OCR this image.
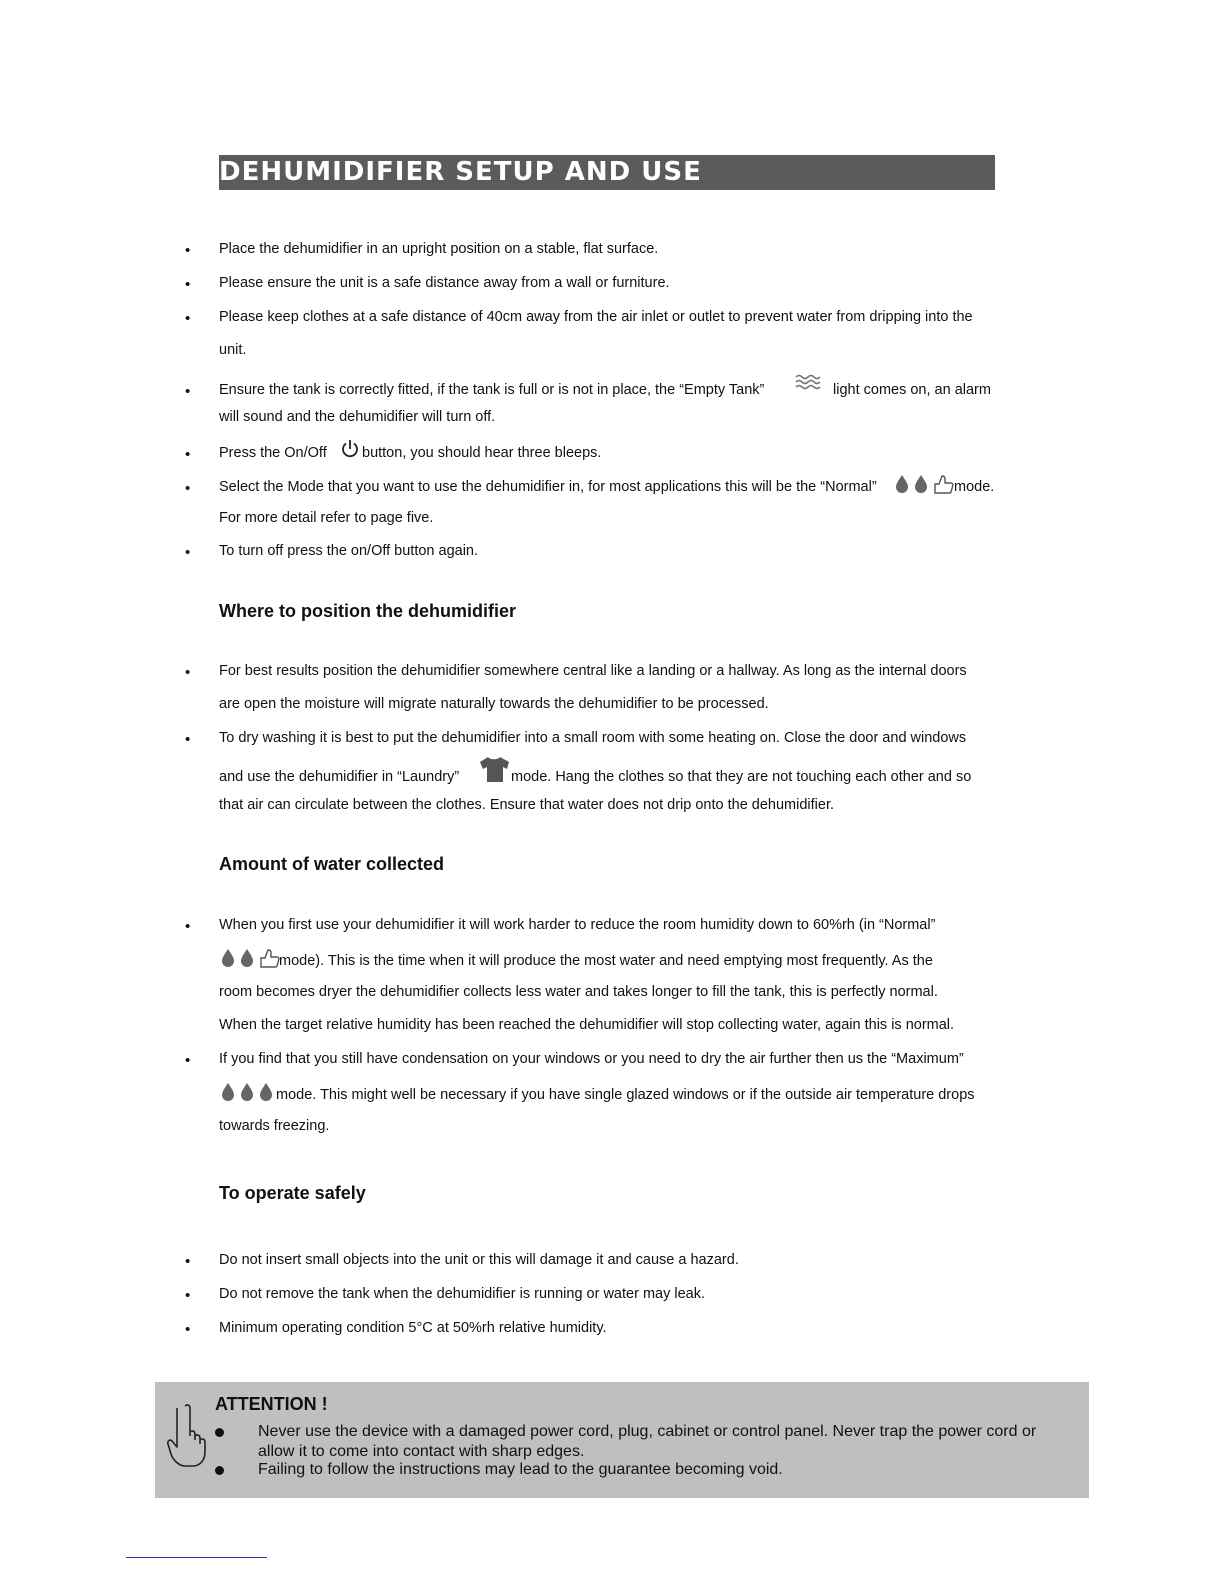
DEHUMIDIFIER SETUP AND USE
• Place the dehumidifier in an upright position on a stable, flat surface.
• Please ensure the unit is a safe distance away from a wall or furniture.
• Please keep clothes at a safe distance of 40cm away from the air inlet or outlet to prevent water from dripping into the
unit.
• Ensure the tank is correctly fitted, if the tank is full or is not in place, the “Empty Tank”	light comes on, an alarm
will sound and the dehumidifier will turn off.
• Press the On/Off button, you should hear three bleeps.
• Select the Mode that you want to use the dehumidifier in, for most applications this will be the “Normal”	mode.
For more detail refer to page five.
• To turn off press the on/Off button again.
Where to position the dehumidifier
• For best results position the dehumidifier somewhere central like a landing or a hallway. As long as the internal doors
are open the moisture will migrate naturally towards the dehumidifier to be processed.
• To dry washing it is best to put the dehumidifier into a small room with some heating on. Close the door and windows
and use the dehumidifier in “Laundry”	mode. Hang the clothes so that they are not touching each other and so
that air can circulate between the clothes. Ensure that water does not drip onto the dehumidifier.
Amount of water collected
• When you first use your dehumidifier it will work harder to reduce the room humidity down to 60%rh (in “Normal”
mode). This is the time when it will produce the most water and need emptying most frequently. As the
room becomes dryer the dehumidifier collects less water and takes longer to fill the tank, this is perfectly normal.
When the target relative humidity has been reached the dehumidifier will stop collecting water, again this is normal.
• If you find that you still have condensation on your windows or you need to dry the air further then us the “Maximum”
mode. This might well be necessary if you have single glazed windows or if the outside air temperature drops
towards freezing.
To operate safely
• Do not insert small objects into the unit or this will damage it and cause a hazard.
• Do not remove the tank when the dehumidifier is running or water may leak.
• Minimum operating condition 5°C at 50%rh relative humidity.
ATTENTION !
Never use the device with a damaged power cord, plug, cabinet or control panel. Never trap the power cord or
allow it to come into contact with sharp edges.
Failing to follow the instructions may lead to the guarantee becoming void.
